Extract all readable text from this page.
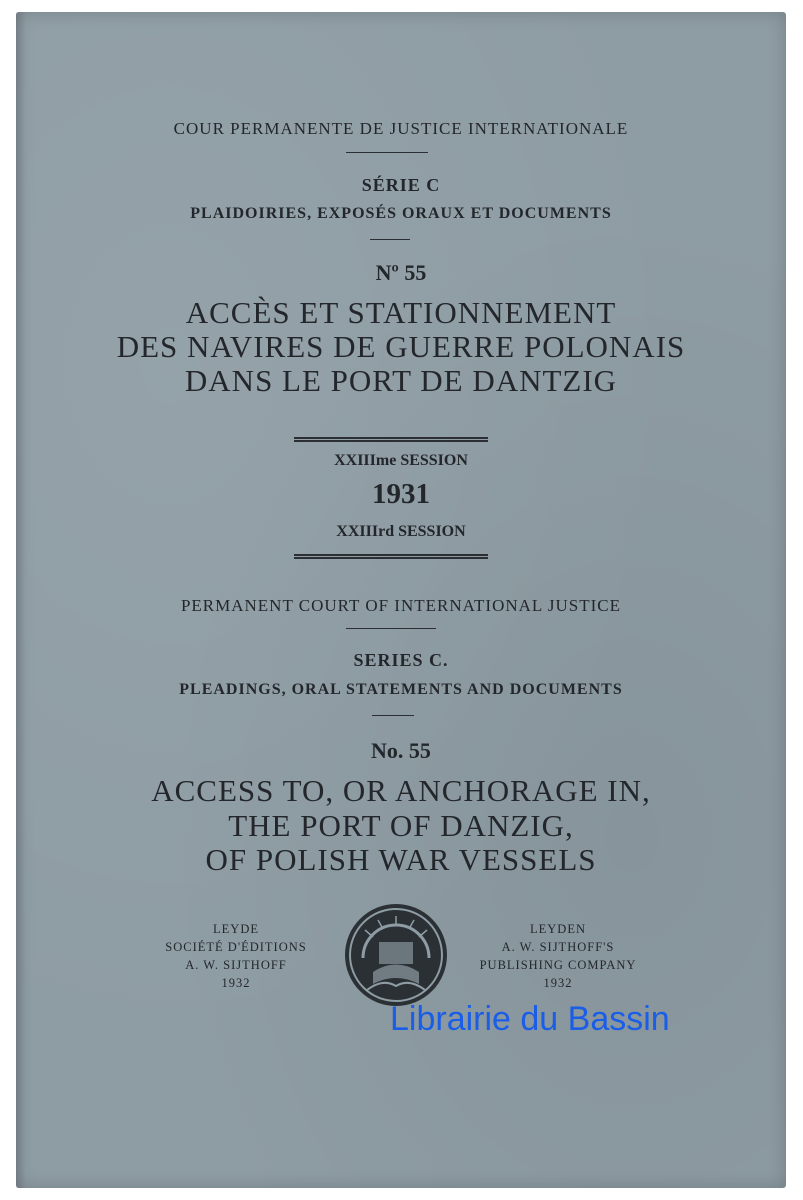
COUR PERMANENTE DE JUSTICE INTERNATIONALE
SÉRIE C
PLAIDOIRIES, EXPOSÉS ORAUX ET DOCUMENTS
Nº 55
ACCÈS ET STATIONNEMENT
DES NAVIRES DE GUERRE POLONAIS
DANS LE PORT DE DANTZIG
XXIIIme SESSION
1931
XXIIIrd SESSION
PERMANENT COURT OF INTERNATIONAL JUSTICE
SERIES C.
PLEADINGS, ORAL STATEMENTS AND DOCUMENTS
No. 55
ACCESS TO, OR ANCHORAGE IN,
THE PORT OF DANZIG,
OF POLISH WAR VESSELS
LEYDE
SOCIÉTÉ D'ÉDITIONS
A. W. SIJTHOFF
1932
LEYDEN
A. W. SIJTHOFF'S
PUBLISHING COMPANY
1932
Librairie du Bassin
